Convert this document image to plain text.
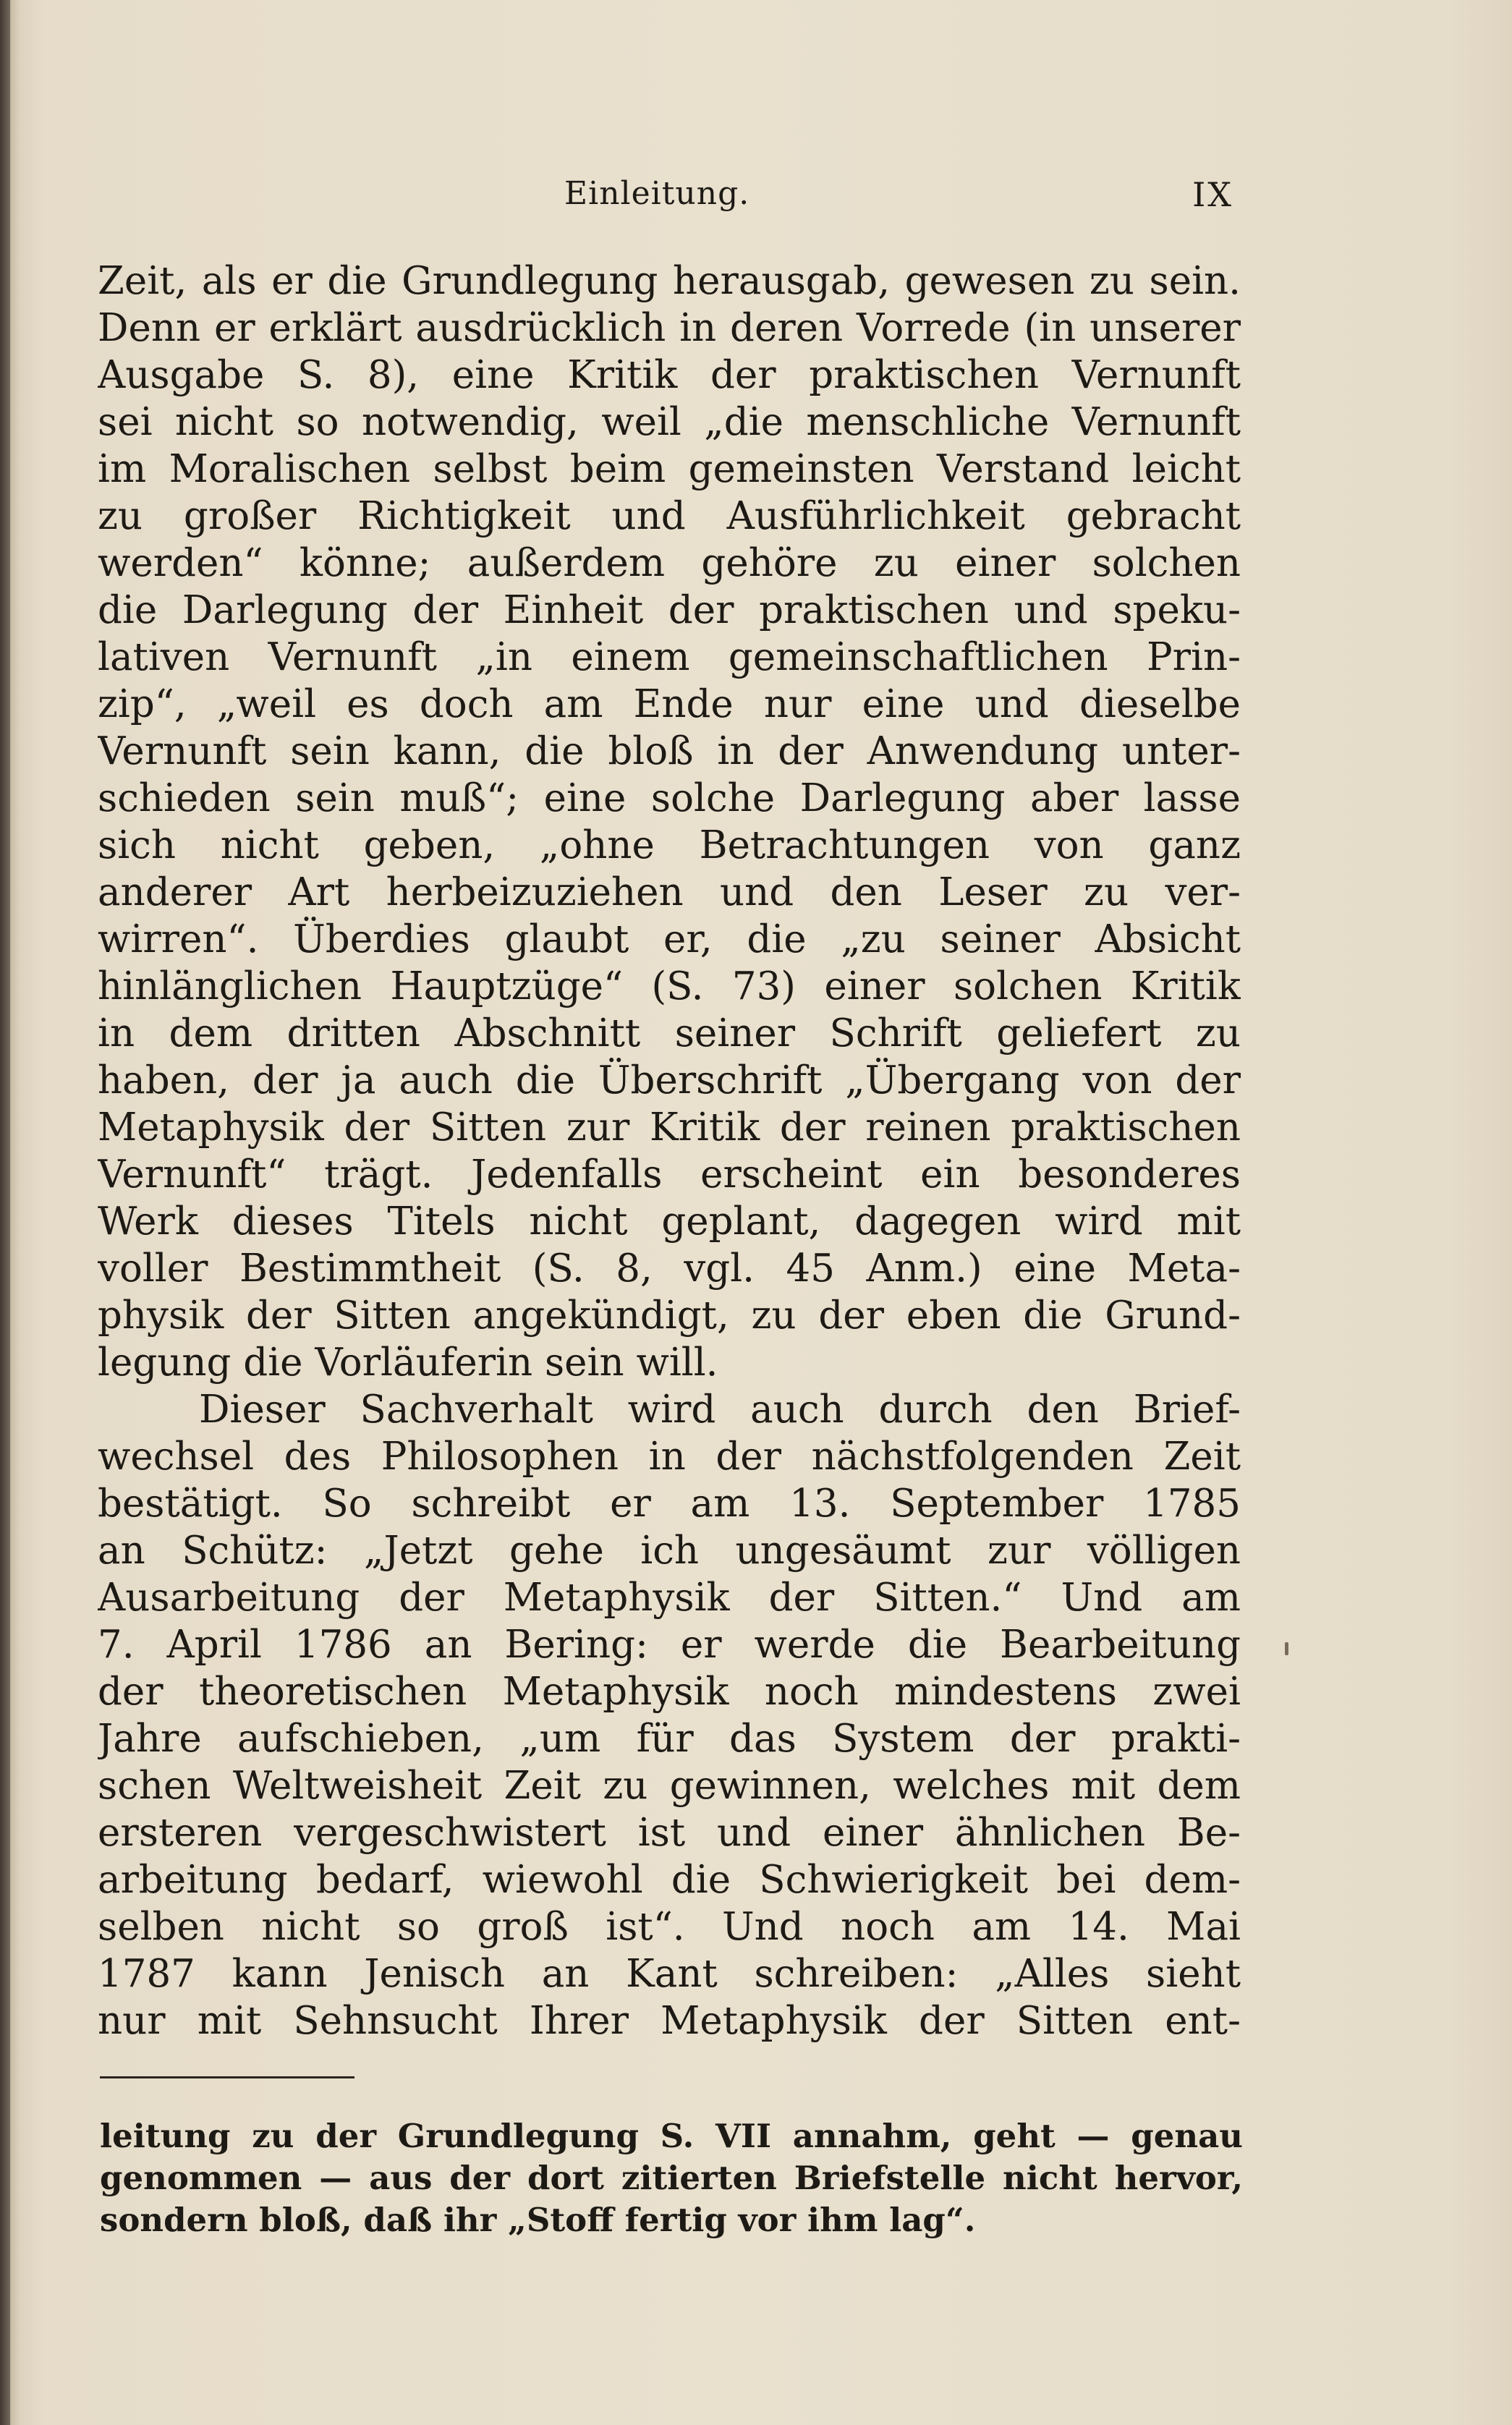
Einleitung.	IX
Zeit, als er die Grundlegung herausgab, gewesen zu sein.
Denn er erklärt ausdrücklich in deren Vorrede (in unserer
Ausgabe S. 8), eine Kritik der praktischen Vernunft
sei nicht so notwendig, weil „die menschliche Vernunft
im Moralischen selbst beim gemeinsten Verstand leicht
zu großer Richtigkeit und Ausführlichkeit gebracht
werden“ könne; außerdem gehöre zu einer solchen
die Darlegung der Einheit der praktischen und speku-
lativen Vernunft „in einem gemeinschaftlichen Prin-
zip“, „weil es doch am Ende nur eine und dieselbe
Vernunft sein kann, die bloß in der Anwendung unter-
schieden sein muß“; eine solche Darlegung aber lasse
sich nicht geben, „ohne Betrachtungen von ganz
anderer Art herbeizuziehen und den Leser zu ver-
wirren“. Überdies glaubt er, die „zu seiner Absicht
hinlänglichen Hauptzüge“ (S. 73) einer solchen Kritik
in dem dritten Abschnitt seiner Schrift geliefert zu
haben, der ja auch die Überschrift „Übergang von der
Metaphysik der Sitten zur Kritik der reinen praktischen
Vernunft“ trägt. Jedenfalls erscheint ein besonderes
Werk dieses Titels nicht geplant, dagegen wird mit
voller Bestimmtheit (S. 8, vgl. 45 Anm.) eine Meta-
physik der Sitten angekündigt, zu der eben die Grund-
legung die Vorläuferin sein will.
Dieser Sachverhalt wird auch durch den Brief-
wechsel des Philosophen in der nächstfolgenden Zeit
bestätigt. So schreibt er am 13. September 1785
an Schütz: „Jetzt gehe ich ungesäumt zur völligen
Ausarbeitung der Metaphysik der Sitten.“ Und am
7. April 1786 an Bering: er werde die Bearbeitung
der theoretischen Metaphysik noch mindestens zwei
Jahre aufschieben, „um für das System der prakti-
schen Weltweisheit Zeit zu gewinnen, welches mit dem
ersteren vergeschwistert ist und einer ähnlichen Be-
arbeitung bedarf, wiewohl die Schwierigkeit bei dem-
selben nicht so groß ist“. Und noch am 14. Mai
1787 kann Jenisch an Kant schreiben: „Alles sieht
nur mit Sehnsucht Ihrer Metaphysik der Sitten ent-
leitung zu der Grundlegung S. VII annahm, geht — genau
genommen — aus der dort zitierten Briefstelle nicht hervor,
sondern bloß, daß ihr „Stoff fertig vor ihm lag“.
